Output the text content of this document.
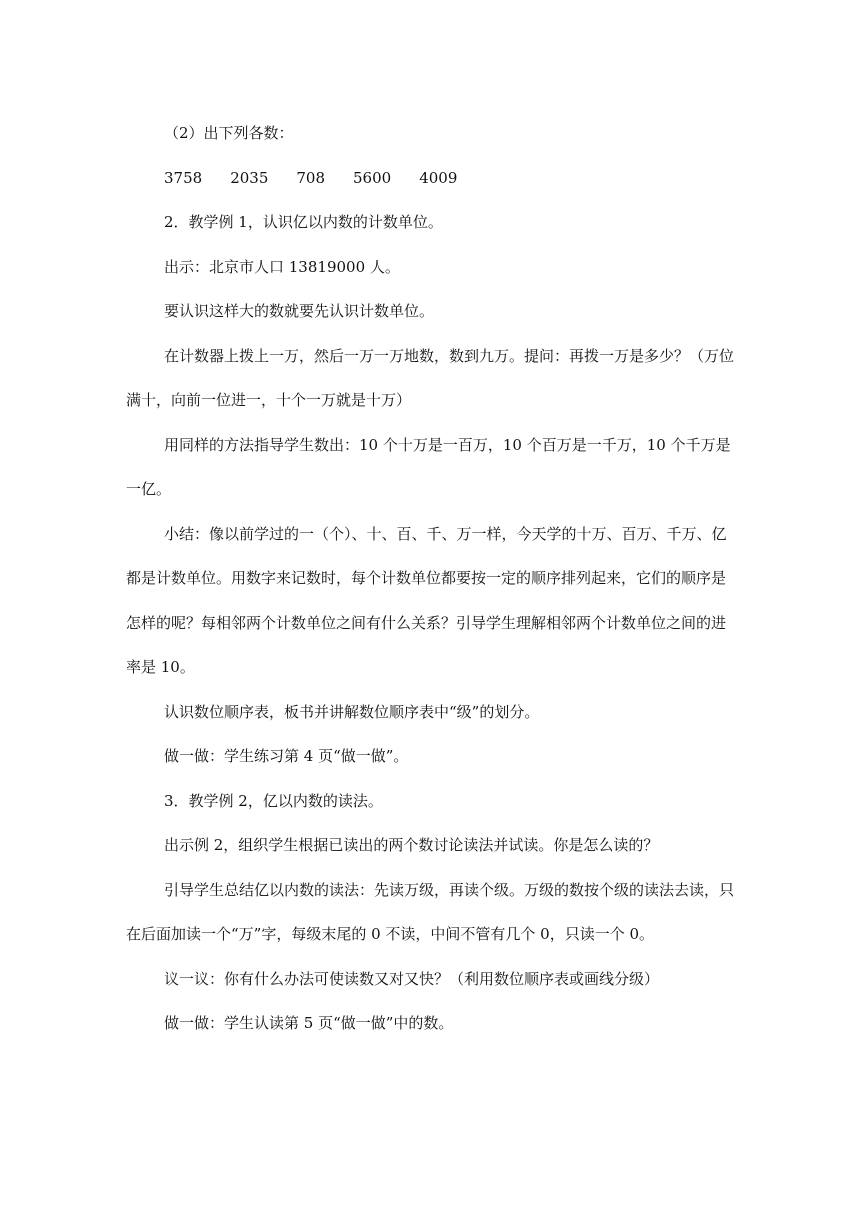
（2）出下列各数：

3758 2035 708 5600 4009

2．教学例 1，认识亿以内数的计数单位。

出示：北京市人口 13819000 人。

要认识这样大的数就要先认识计数单位。

在计数器上拨上一万，然后一万一万地数，数到九万。提问：再拨一万是多少？（万位满十，向前一位进一，十个一万就是十万）

用同样的方法指导学生数出：10 个十万是一百万，10 个百万是一千万，10 个千万是一亿。

小结：像以前学过的一（个）、十、百、千、万一样，今天学的十万、百万、千万、亿都是计数单位。用数字来记数时，每个计数单位都要按一定的顺序排列起来，它们的顺序是怎样的呢？每相邻两个计数单位之间有什么关系？引导学生理解相邻两个计数单位之间的进率是 10。

认识数位顺序表，板书并讲解数位顺序表中“级”的划分。

做一做：学生练习第 4 页“做一做”。

3．教学例 2，亿以内数的读法。

出示例 2，组织学生根据已读出的两个数讨论读法并试读。你是怎么读的？

引导学生总结亿以内数的读法：先读万级，再读个级。万级的数按个级的读法去读，只在后面加读一个“万”字，每级末尾的 0 不读，中间不管有几个 0，只读一个 0。

议一议：你有什么办法可使读数又对又快？（利用数位顺序表或画线分级）

做一做：学生认读第 5 页“做一做”中的数。
